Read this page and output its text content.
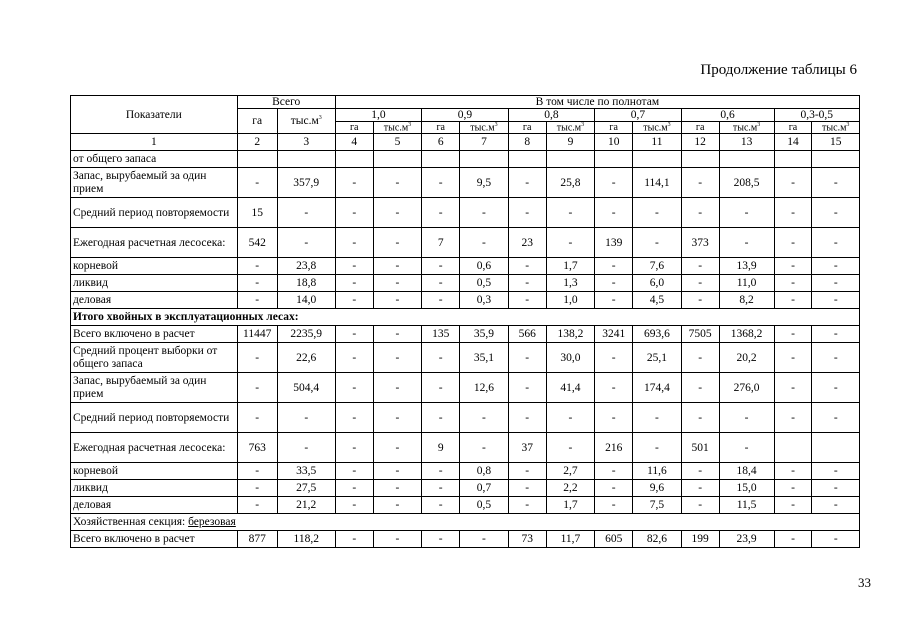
Продолжение таблицы 6
Показатели	Всего		В том числе по полнотам											
	га	$тыс.м^3$	1,0		0,9		0,8		0,7		0,6		0,3-0,5	
			га	$тыс.м^3$	га	$тыс.м^3$	га	$тыс.м^3$	га	$тыс.м^3$	га	$тыс.м^3$	га	$тыс.м^3$
1	2	3	4	5	6	7	8	9	10	11	12	13	14	15
от общего запаса														
Запас, вырубаемый за один прием	-	357,9	-	-	-	9,5	-	25,8	-	114,1	-	208,5	-	-
Средний период повторяемости	15	-	-	-	-	-	-	-	-	-	-	-	-	-
Ежегодная расчетная лесосека:	542	-	-	-	7	-	23	-	139	-	373	-	-	-
корневой	-	23,8	-	-	-	0,6	-	1,7	-	7,6	-	13,9	-	-
ликвид	-	18,8	-	-	-	0,5	-	1,3	-	6,0	-	11,0	-	-
деловая	-	14,0	-	-	-	0,3	-	1,0	-	4,5	-	8,2	-	-
Итого хвойных в эксплуатационных лесах:														
Всего включено в расчет	11447	2235,9	-	-	135	35,9	566	138,2	3241	693,6	7505	1368,2	-	-
Средний процент выборки от общего запаса	-	22,6	-	-	-	35,1	-	30,0	-	25,1	-	20,2	-	-
Запас, вырубаемый за один прием	-	504,4	-	-	-	12,6	-	41,4	-	174,4	-	276,0	-	-
Средний период повторяемости	-	-	-	-	-	-	-	-	-	-	-	-	-	-
Ежегодная расчетная лесосека:	763	-	-	-	9	-	37	-	216	-	501	-		
корневой	-	33,5	-	-	-	0,8	-	2,7	-	11,6	-	18,4	-	-
ликвид	-	27,5	-	-	-	0,7	-	2,2	-	9,6	-	15,0	-	-
деловая	-	21,2	-	-	-	0,5	-	1,7	-	7,5	-	11,5	-	-
Хозяйственная секция: березовая														
Всего включено в расчет	877	118,2	-	-	-	-	73	11,7	605	82,6	199	23,9	-	-
33
